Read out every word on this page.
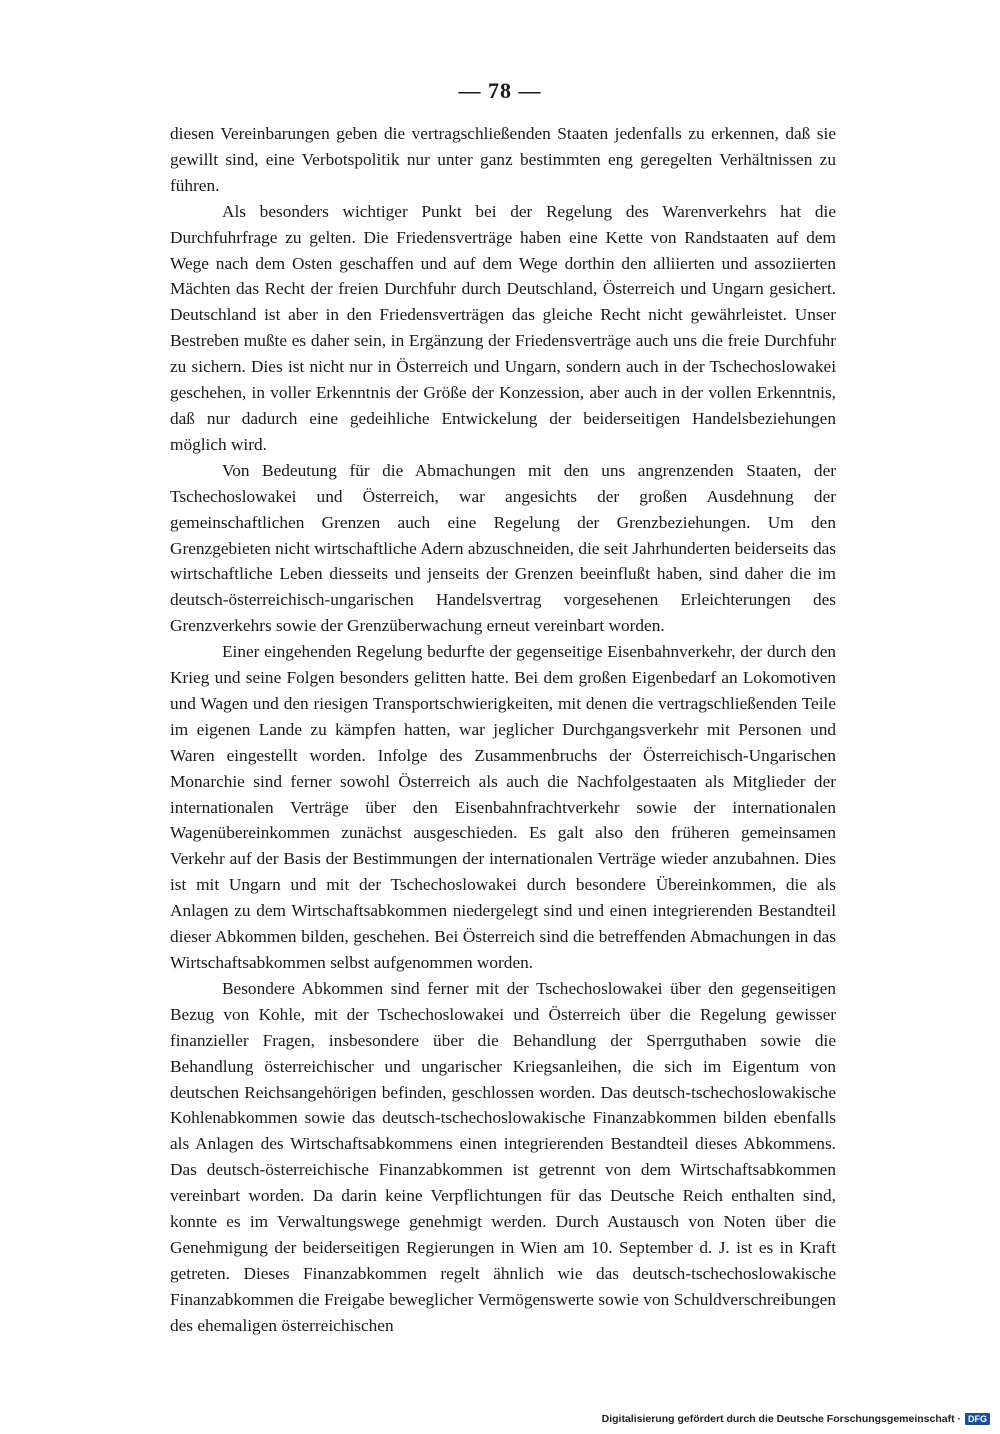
— 78 —

diesen Vereinbarungen geben die vertragschließenden Staaten jedenfalls zu erkennen, daß sie gewillt sind, eine Verbotspolitik nur unter ganz bestimmten eng geregelten Verhältnissen zu führen.

Als besonders wichtiger Punkt bei der Regelung des Warenverkehrs hat die Durchfuhrfrage zu gelten. Die Friedensverträge haben eine Kette von Randstaaten auf dem Wege nach dem Osten geschaffen und auf dem Wege dorthin den alliierten und assoziierten Mächten das Recht der freien Durchfuhr durch Deutschland, Österreich und Ungarn gesichert. Deutschland ist aber in den Friedensverträgen das gleiche Recht nicht gewährleistet. Unser Bestreben mußte es daher sein, in Ergänzung der Friedensverträge auch uns die freie Durchfuhr zu sichern. Dies ist nicht nur in Österreich und Ungarn, sondern auch in der Tschechoslowakei geschehen, in voller Erkenntnis der Größe der Konzession, aber auch in der vollen Erkenntnis, daß nur dadurch eine gedeihliche Entwickelung der beiderseitigen Handelsbeziehungen möglich wird.

Von Bedeutung für die Abmachungen mit den uns angrenzenden Staaten, der Tschechoslowakei und Österreich, war angesichts der großen Ausdehnung der gemeinschaftlichen Grenzen auch eine Regelung der Grenzbeziehungen. Um den Grenzgebieten nicht wirtschaftliche Adern abzuschneiden, die seit Jahrhunderten beiderseits das wirtschaftliche Leben diesseits und jenseits der Grenzen beeinflußt haben, sind daher die im deutsch-österreichisch-ungarischen Handelsvertrag vorgesehenen Erleichterungen des Grenzverkehrs sowie der Grenzüberwachung erneut vereinbart worden.

Einer eingehenden Regelung bedurfte der gegenseitige Eisenbahnverkehr, der durch den Krieg und seine Folgen besonders gelitten hatte. Bei dem großen Eigenbedarf an Lokomotiven und Wagen und den riesigen Transportschwierigkeiten, mit denen die vertragschließenden Teile im eigenen Lande zu kämpfen hatten, war jeglicher Durchgangsverkehr mit Personen und Waren eingestellt worden. Infolge des Zusammenbruchs der Österreichisch-Ungarischen Monarchie sind ferner sowohl Österreich als auch die Nachfolgestaaten als Mitglieder der internationalen Verträge über den Eisenbahnfrachtverkehr sowie der internationalen Wagenübereinkommen zunächst ausgeschieden. Es galt also den früheren gemeinsamen Verkehr auf der Basis der Bestimmungen der internationalen Verträge wieder anzubahnen. Dies ist mit Ungarn und mit der Tschechoslowakei durch besondere Übereinkommen, die als Anlagen zu dem Wirtschaftsabkommen niedergelegt sind und einen integrierenden Bestandteil dieser Abkommen bilden, geschehen. Bei Österreich sind die betreffenden Abmachungen in das Wirtschaftsabkommen selbst aufgenommen worden.

Besondere Abkommen sind ferner mit der Tschechoslowakei über den gegenseitigen Bezug von Kohle, mit der Tschechoslowakei und Österreich über die Regelung gewisser finanzieller Fragen, insbesondere über die Behandlung der Sperrguthaben sowie die Behandlung österreichischer und ungarischer Kriegsanleihen, die sich im Eigentum von deutschen Reichsangehörigen befinden, geschlossen worden. Das deutsch-tschechoslowakische Kohlenabkommen sowie das deutsch-tschechoslowakische Finanzabkommen bilden ebenfalls als Anlagen des Wirtschaftsabkommens einen integrierenden Bestandteil dieses Abkommens. Das deutsch-österreichische Finanzabkommen ist getrennt von dem Wirtschaftsabkommen vereinbart worden. Da darin keine Verpflichtungen für das Deutsche Reich enthalten sind, konnte es im Verwaltungswege genehmigt werden. Durch Austausch von Noten über die Genehmigung der beiderseitigen Regierungen in Wien am 10. September d. J. ist es in Kraft getreten. Dieses Finanzabkommen regelt ähnlich wie das deutsch-tschechoslowakische Finanzabkommen die Freigabe beweglicher Vermögenswerte sowie von Schuldverschreibungen des ehemaligen österreichischen

Digitalisierung gefördert durch die Deutsche Forschungsgemeinschaft · DFG
